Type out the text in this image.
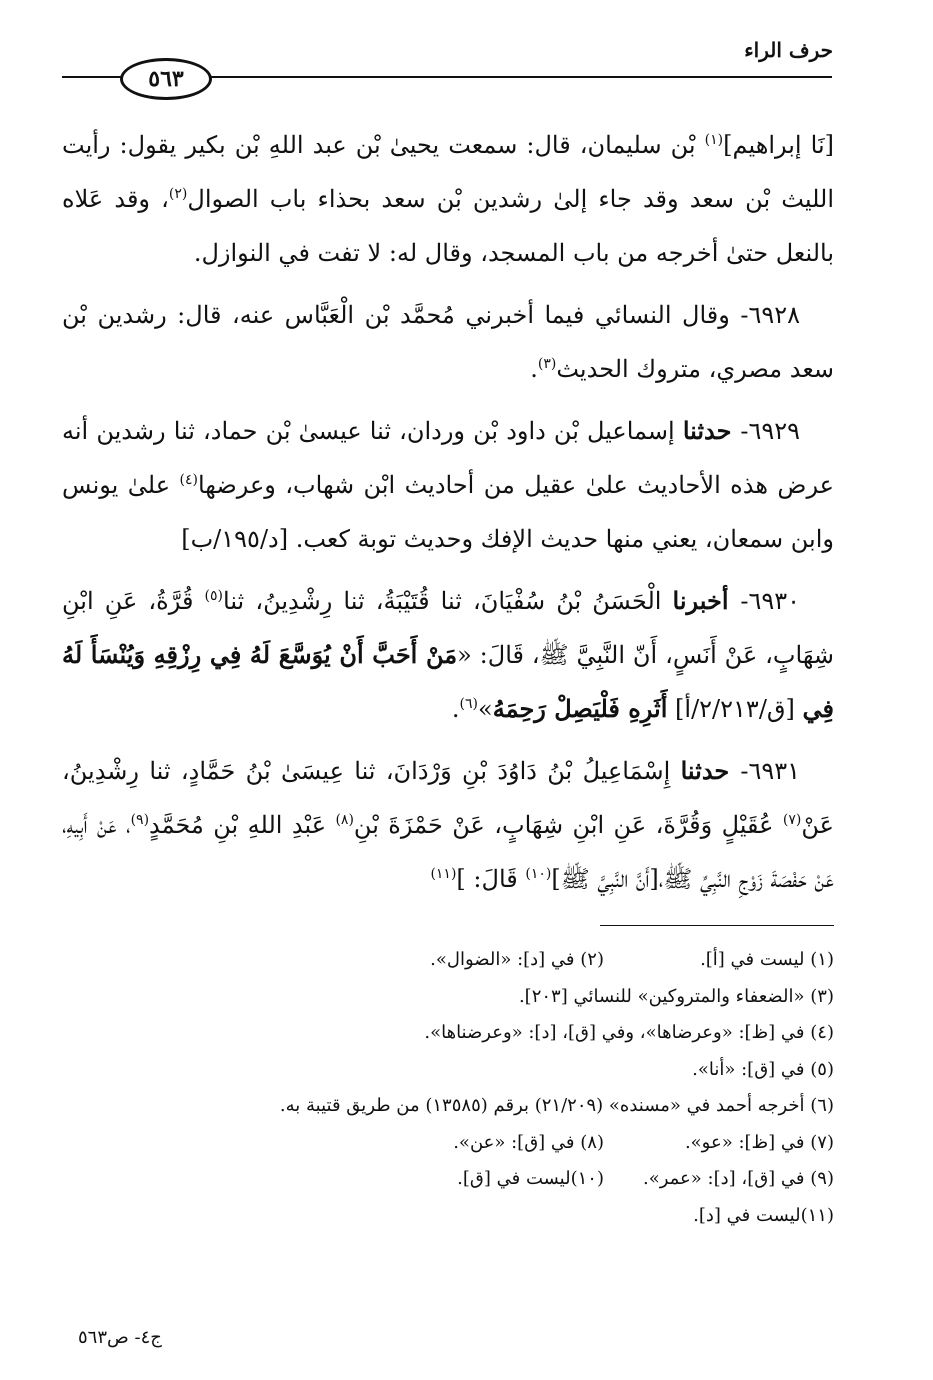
حرف الراء
٥٦٣

[نَا إبراهيم]$^{(١)}$ بْن سليمان، قال: سمعت يحيىٰ بْن عبد اللهِ بْن بكير يقول: رأيت الليث بْن سعد وقد جاء إلىٰ رشدين بْن سعد بحذاء باب الصوال$^{(٢)}$، وقد عَلاه بالنعل حتىٰ أخرجه من باب المسجد، وقال له: لا تفت في النوازل.

٦٩٢٨- وقال النسائي فيما أخبرني مُحمَّد بْن الْعَبَّاس عنه، قال: رشدين بْن سعد مصري، متروك الحديث$^{(٣)}$.

٦٩٢٩- حدثنا إسماعيل بْن داود بْن وردان، ثنا عيسىٰ بْن حماد، ثنا رشدين أنه عرض هذه الأحاديث علىٰ عقيل من أحاديث ابْن شهاب، وعرضها$^{(٤)}$ علىٰ يونس وابن سمعان، يعني منها حديث الإفك وحديث توبة كعب. [د/١٩٥/ب]

٦٩٣٠- أخبرنا الْحَسَنُ بْنُ سُفْيَانَ، ثنا قُتَيْبَةُ، ثنا رِشْدِينُ، ثنا$^{(٥)}$ قُرَّةُ، عَنِ ابْنِ شِهَابٍ، عَنْ أَنَسٍ، أَنّ النَّبِيَّ ﷺ، قَالَ: «مَنْ أَحَبَّ أَنْ يُوَسَّعَ لَهُ فِي رِزْقِهِ وَيُنْسَأَ لَهُ فِي [ق/٢/٢١٣/أ] أَثَرِهِ فَلْيَصِلْ رَحِمَهُ»$^{(٦)}$.

٦٩٣١- حدثنا إِسْمَاعِيلُ بْنُ دَاوُدَ بْنِ وَرْدَانَ، ثنا عِيسَىٰ بْنُ حَمَّادٍ، ثنا رِشْدِينُ، عَنْ$^{(٧)}$ عُقَيْلٍ وَقُرَّةَ، عَنِ ابْنِ شِهَابٍ، عَنْ حَمْزَةَ بْنِ$^{(٨)}$ عَبْدِ اللهِ بْنِ مُحَمَّدٍ$^{(٩)}$، عَنْ أَبِيهِ، عَنْ حَفْصَةَ زَوْجِ النَّبِيِّ ﷺ،[أَنَّ النَّبِيَّ ﷺ]$^{(١٠)}$ قَالَ: ]$^{(١١)}$

(١) ليست في [أ].
(٢) في [د]: «الضوال».
(٣) «الضعفاء والمتروكين» للنسائي [٢٠٣].
(٤) في [ظ]: «وعرضاها»، وفي [ق]، [د]: «وعرضناها».
(٥) في [ق]: «أنا».
(٦) أخرجه أحمد في «مسنده» (٢١/٢٠٩) برقم (١٣٥٨٥) من طريق قتيبة به.
(٧) في [ظ]: «عو».
(٨) في [ق]: «عن».
(٩) في [ق]، [د]: «عمر».
(١٠)ليست في [ق].
(١١)ليست في [د].
ج٤- ص٥٦٣
